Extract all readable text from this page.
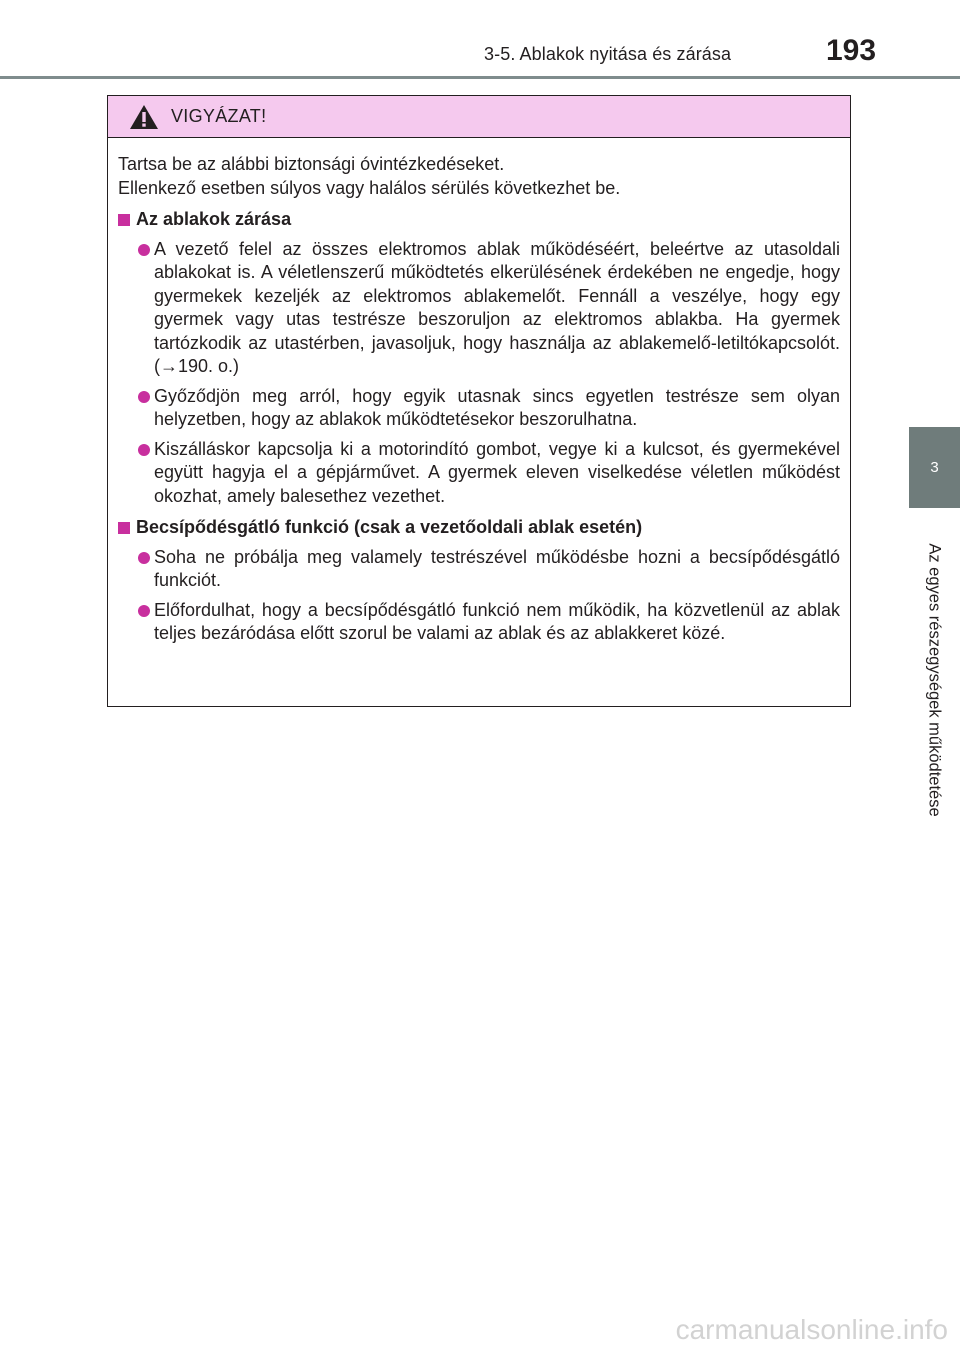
3-5. Ablakok nyitása és zárása	193
3
Az egyes részegységek működtetése
VIGYÁZAT!

Tartsa be az alábbi biztonsági óvintézkedéseket.

Ellenkező esetben súlyos vagy halálos sérülés következhet be.

Az ablakok zárása
A vezető felel az összes elektromos ablak működéséért, beleértve az utasoldali ablakokat is. A véletlenszerű működtetés elkerülésének érdekében ne engedje, hogy gyermekek kezeljék az elektromos ablakemelőt. Fennáll a veszélye, hogy egy gyermek vagy utas testrésze beszoruljon az elektromos ablakba. Ha gyermek tartózkodik az utastérben, javasoljuk, hogy használja az ablakemelő-letiltókapcsolót. (→190. o.)
Győződjön meg arról, hogy egyik utasnak sincs egyetlen testrésze sem olyan helyzetben, hogy az ablakok működtetésekor beszorulhatna.
Kiszálláskor kapcsolja ki a motorindító gombot, vegye ki a kulcsot, és gyermekével együtt hagyja el a gépjárművet. A gyermek eleven viselkedése véletlen működést okozhat, amely balesethez vezethet.
Becsípődésgátló funkció (csak a vezetőoldali ablak esetén)
Soha ne próbálja meg valamely testrészével működésbe hozni a becsípődésgátló funkciót.
Előfordulhat, hogy a becsípődésgátló funkció nem működik, ha közvetlenül az ablak teljes bezáródása előtt szorul be valami az ablak és az ablakkeret közé.
carmanualsonline.info
